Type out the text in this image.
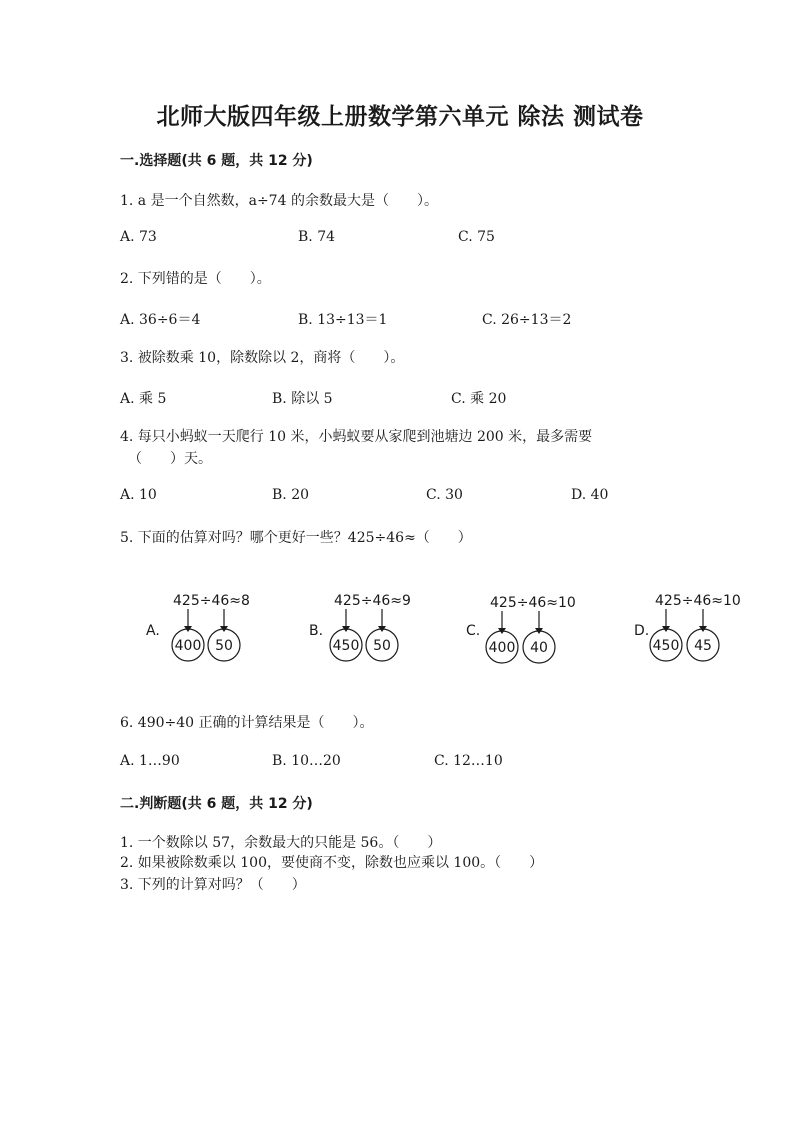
北师大版四年级上册数学第六单元 除法 测试卷
一.选择题(共 6 题，共 12 分)
1. a 是一个自然数，a÷74 的余数最大是（　　）。
A. 73	B. 74	C. 75
2. 下列错的是（　　）。
A. 36÷6＝4	B. 13÷13＝1	C. 26÷13＝2
3. 被除数乘 10，除数除以 2，商将（　　）。
A. 乘 5	B. 除以 5	C. 乘 20
4. 每只小蚂蚁一天爬行 10 米，小蚂蚁要从家爬到池塘边 200 米，最多需要
（　　）天。
A. 10	B. 20	C. 30	D. 40
5. 下面的估算对吗？哪个更好一些？425÷46≈（　　）
A.
425÷46≈8
400 50
B.
425÷46≈9
450 50
C.
425÷46≈10
400 40
D.
425÷46≈10
450 45
6. 490÷40 正确的计算结果是（　　）。
A. 1…90	B. 10…20	C. 12…10
二.判断题(共 6 题，共 12 分)
1. 一个数除以 57，余数最大的只能是 56。（　　）
2. 如果被除数乘以 100，要使商不变，除数也应乘以 100。（　　）
3. 下列的计算对吗？（　　）
